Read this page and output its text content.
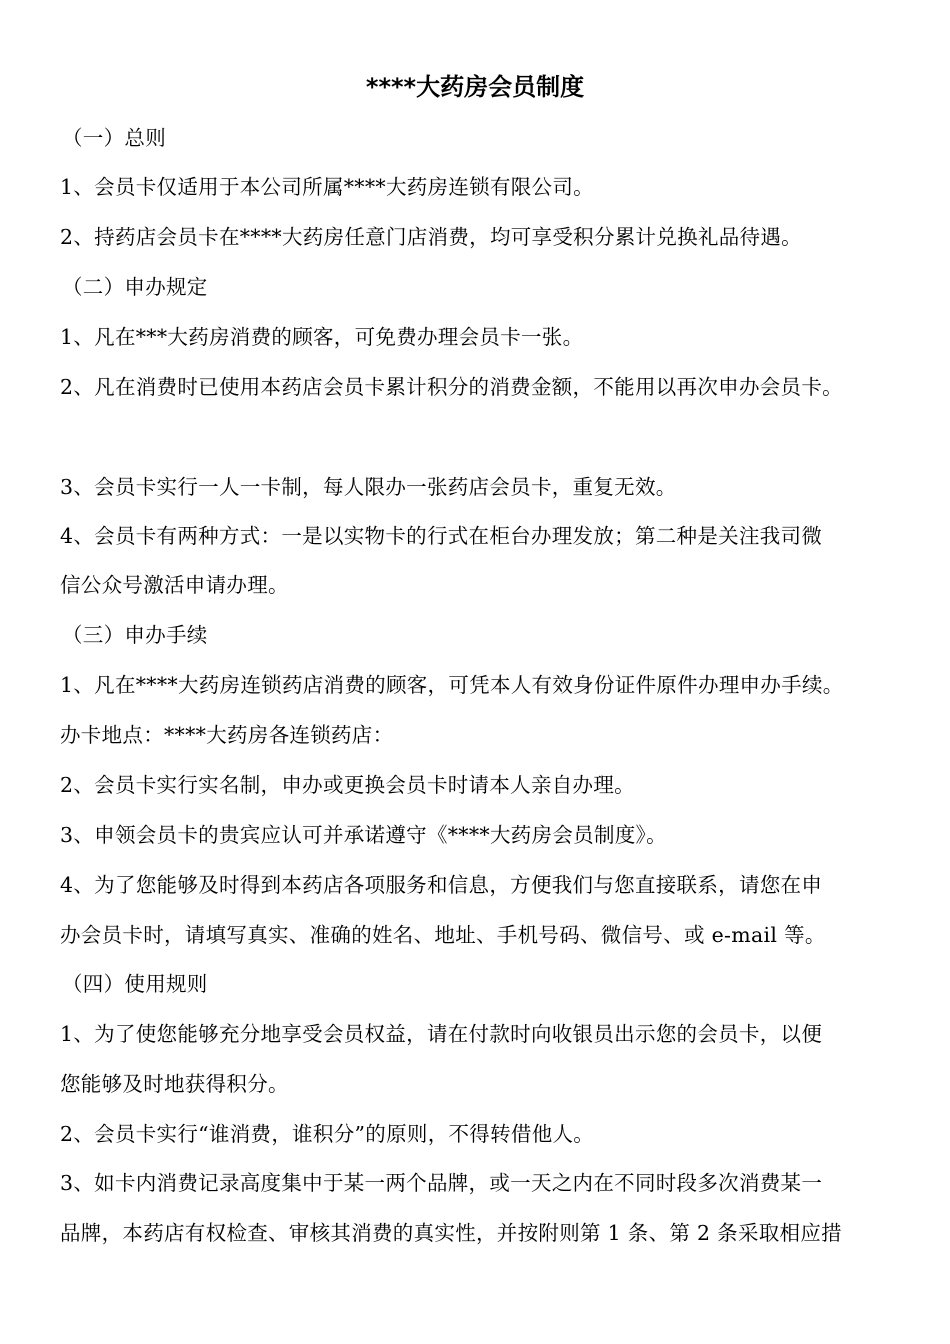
****大药房会员制度
（一）总则
1、会员卡仅适用于本公司所属****大药房连锁有限公司。
2、持药店会员卡在****大药房任意门店消费，均可享受积分累计兑换礼品待遇。
（二）申办规定
1、凡在***大药房消费的顾客，可免费办理会员卡一张。
2、凡在消费时已使用本药店会员卡累计积分的消费金额，不能用以再次申办会员卡。
3、会员卡实行一人一卡制，每人限办一张药店会员卡，重复无效。
4、会员卡有两种方式：一是以实物卡的行式在柜台办理发放；第二种是关注我司微
信公众号激活申请办理。
（三）申办手续
1、凡在****大药房连锁药店消费的顾客，可凭本人有效身份证件原件办理申办手续。
办卡地点：****大药房各连锁药店：
2、会员卡实行实名制，申办或更换会员卡时请本人亲自办理。
3、申领会员卡的贵宾应认可并承诺遵守《****大药房会员制度》。
4、为了您能够及时得到本药店各项服务和信息，方便我们与您直接联系，请您在申
办会员卡时，请填写真实、准确的姓名、地址、手机号码、微信号、或 e-mail 等。
（四）使用规则
1、为了使您能够充分地享受会员权益，请在付款时向收银员出示您的会员卡，以便
您能够及时地获得积分。
2、会员卡实行“谁消费，谁积分”的原则，不得转借他人。
3、如卡内消费记录高度集中于某一两个品牌，或一天之内在不同时段多次消费某一
品牌，本药店有权检查、审核其消费的真实性，并按附则第 1 条、第 2 条采取相应措
